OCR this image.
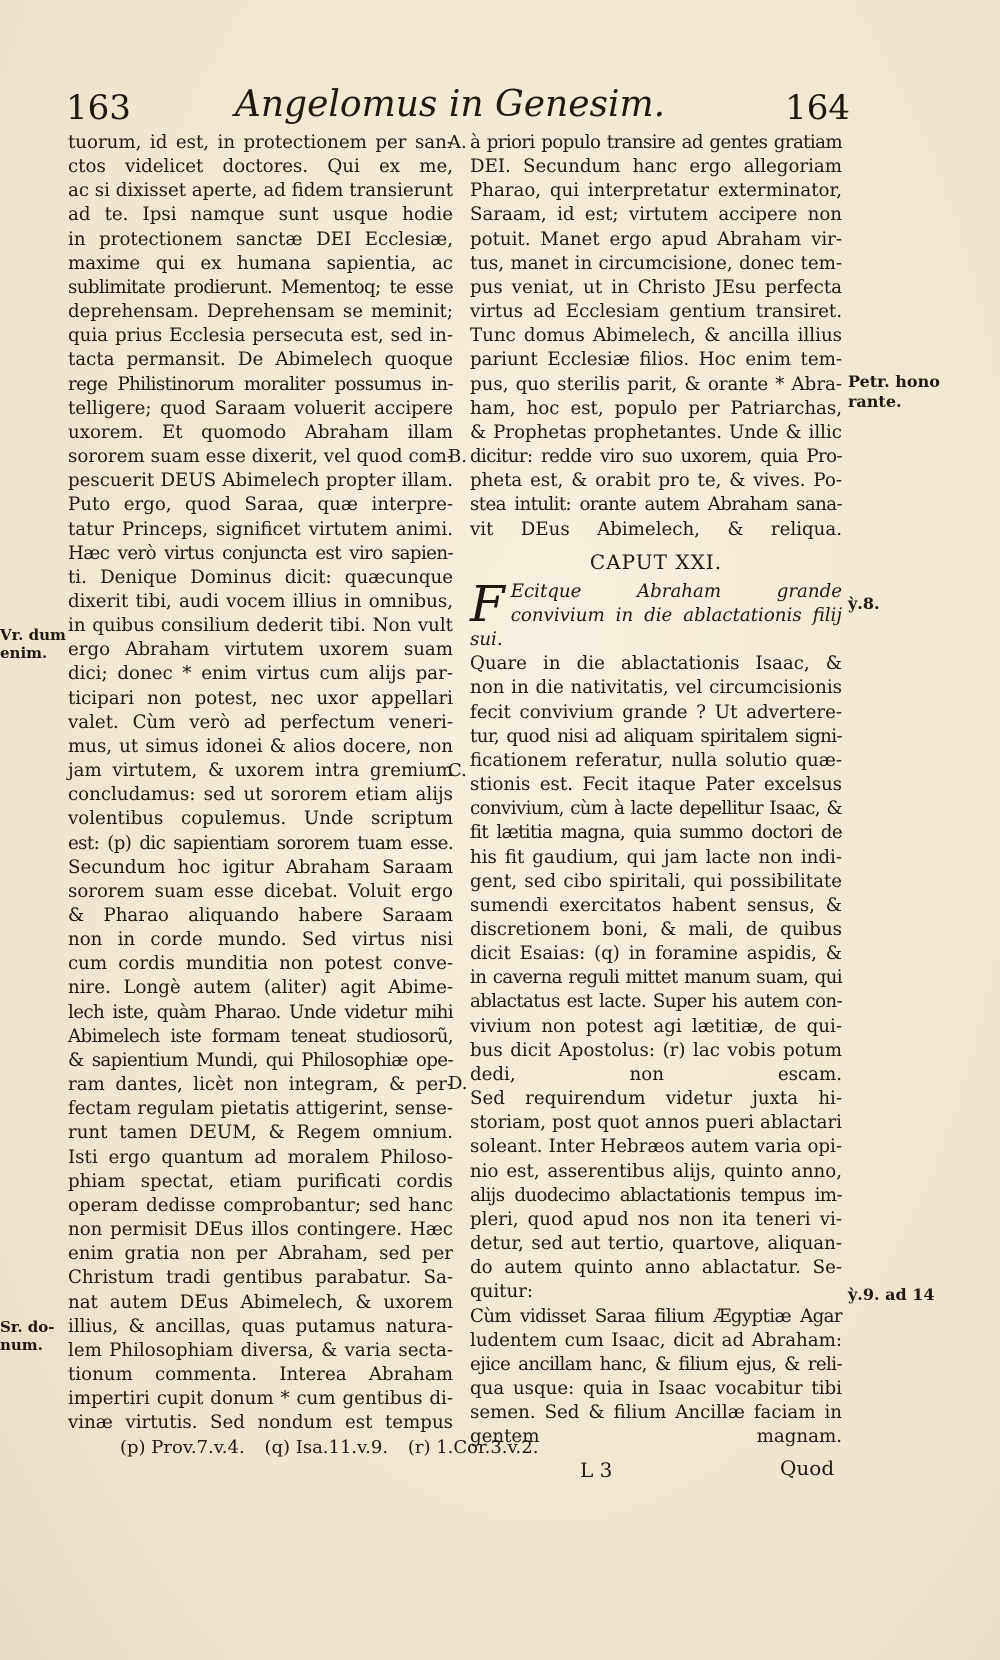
163	Angelomus in Genesim.	164
tuorum, id est, in protectionem per san-
ctos videlicet doctores. Qui ex me,
ac si dixisset aperte, ad fidem transierunt
ad te. Ipsi namque sunt usque hodie
in protectionem sanctæ DEI Ecclesiæ,
maxime qui ex humana sapientia, ac
sublimitate prodierunt. Mementoq; te esse
deprehensam. Deprehensam se meminit;
quia prius Ecclesia persecuta est, sed in-
tacta permansit. De Abimelech quoque
rege Philistinorum moraliter possumus in-
telligere; quod Saraam voluerit accipere
uxorem. Et quomodo Abraham illam
sororem suam esse dixerit, vel quod com-
pescuerit DEUS Abimelech propter illam.
Puto ergo, quod Saraa, quæ interpre-
tatur Princeps, significet virtutem animi.
Hæc verò virtus conjuncta est viro sapien-
ti. Denique Dominus dicit: quæcunque
dixerit tibi, audi vocem illius in omnibus,
in quibus consilium dederit tibi. Non vult
ergo Abraham virtutem uxorem suam
dici; donec * enim virtus cum alijs par-
ticipari non potest, nec uxor appellari
valet. Cùm verò ad perfectum veneri-
mus, ut simus idonei & alios docere, non
jam virtutem, & uxorem intra gremium
concludamus: sed ut sororem etiam alijs
volentibus copulemus. Unde scriptum
est: (p) dic sapientiam sororem tuam esse.
Secundum hoc igitur Abraham Saraam
sororem suam esse dicebat. Voluit ergo
& Pharao aliquando habere Saraam
non in corde mundo. Sed virtus nisi
cum cordis munditia non potest conve-
nire. Longè autem (aliter) agit Abime-
lech iste, quàm Pharao. Unde videtur mihi
Abimelech iste formam teneat studiosorũ,
& sapientium Mundi, qui Philosophiæ ope-
ram dantes, licèt non integram, & per-
fectam regulam pietatis attigerint, sense-
runt tamen DEUM, & Regem omnium.
Isti ergo quantum ad moralem Philoso-
phiam spectat, etiam purificati cordis
operam dedisse comprobantur; sed hanc
non permisit DEus illos contingere. Hæc
enim gratia non per Abraham, sed per
Christum tradi gentibus parabatur. Sa-
nat autem DEus Abimelech, & uxorem
illius, & ancillas, quas putamus natura-
lem Philosophiam diversa, & varia secta-
tionum commenta. Interea Abraham
impertiri cupit donum * cum gentibus di-
vinæ virtutis. Sed nondum est tempus
A.
B.
C.
D.
à priori populo transire ad gentes gratiam
DEI. Secundum hanc ergo allegoriam
Pharao, qui interpretatur exterminator,
Saraam, id est; virtutem accipere non
potuit. Manet ergo apud Abraham vir-
tus, manet in circumcisione, donec tem-
pus veniat, ut in Christo JEsu perfecta
virtus ad Ecclesiam gentium transiret.
Tunc domus Abimelech, & ancilla illius
pariunt Ecclesiæ filios. Hoc enim tem-
pus, quo sterilis parit, & orante * Abra-
ham, hoc est, populo per Patriarchas,
& Prophetas prophetantes. Unde & illic
dicitur: redde viro suo uxorem, quia Pro-
pheta est, & orabit pro te, & vives. Po-
stea intulit: orante autem Abraham sana-
vit DEus Abimelech, & reliqua.
CAPUT XXI.
F Ecitque Abraham grande convivium in die ablactationis filij sui.
Quare in die ablactationis Isaac, &
non in die nativitatis, vel circumcisionis
fecit convivium grande ? Ut advertere-
tur, quod nisi ad aliquam spiritalem signi-
ficationem referatur, nulla solutio quæ-
stionis est. Fecit itaque Pater excelsus
convivium, cùm à lacte depellitur Isaac, &
fit lætitia magna, quia summo doctori de
his fit gaudium, qui jam lacte non indi-
gent, sed cibo spiritali, qui possibilitate
sumendi exercitatos habent sensus, &
discretionem boni, & mali, de quibus
dicit Esaias: (q) in foramine aspidis, &
in caverna reguli mittet manum suam, qui
ablactatus est lacte. Super his autem con-
vivium non potest agi lætitiæ, de qui-
bus dicit Apostolus: (r) lac vobis potum
dedi, non escam.
Sed requirendum videtur juxta hi-
storiam, post quot annos pueri ablactari
soleant. Inter Hebræos autem varia opi-
nio est, asserentibus alijs, quinto anno,
alijs duodecimo ablactationis tempus im-
pleri, quod apud nos non ita teneri vi-
detur, sed aut tertio, quartove, aliquan-
do autem quinto anno ablactatur. Se-
quitur:
Cùm vidisset Saraa filium Ægyptiæ Agar
ludentem cum Isaac, dicit ad Abraham:
ejice ancillam hanc, & filium ejus, & reli-
qua usque: quia in Isaac vocabitur tibi
semen. Sed & filium Ancillæ faciam in
gentem magnam.
Vr. dum
enim.
Sr. do-
num.
Petr. hono
rante.
ỳ.8.
ỳ.9. ad 14
(p) Prov.7.v.4. (q) Isa.11.v.9. (r) 1.Cor.3.v.2.
L 3	Quod
